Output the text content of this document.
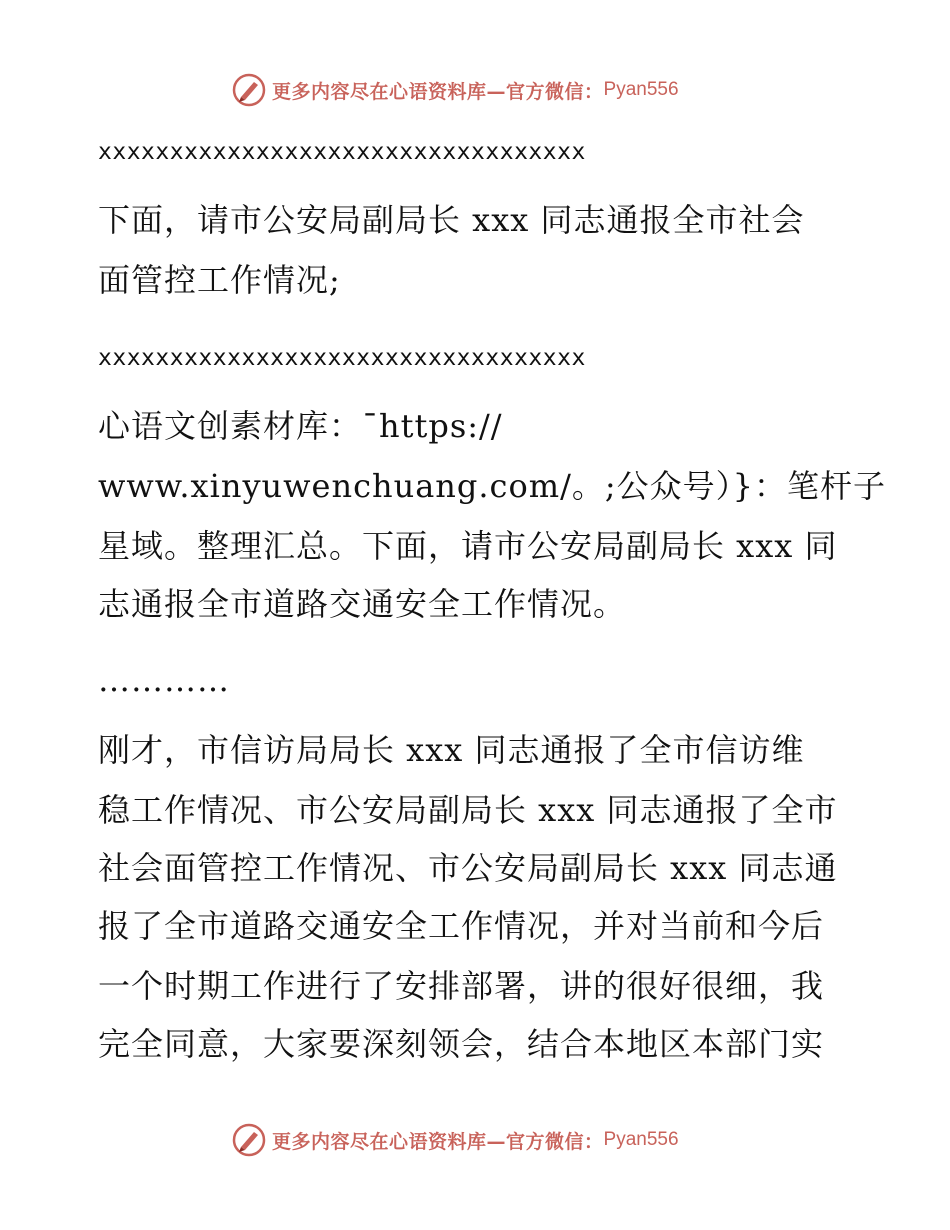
更多内容尽在心语资料库—官方微信： Pyan556
xxxxxxxxxxxxxxxxxxxxxxxxxxxxxxxxxx
下面，请市公安局副局长 xxx 同志通报全市社会
面管控工作情况;
xxxxxxxxxxxxxxxxxxxxxxxxxxxxxxxxxx
心语文创素材库：¯https://
www.xinyuwenchuang.com/。;公众号）}：笔杆子
星域。整理汇总。下面，请市公安局副局长 xxx 同
志通报全市道路交通安全工作情况。
…………
刚才，市信访局局长 xxx 同志通报了全市信访维
稳工作情况、市公安局副局长 xxx 同志通报了全市
社会面管控工作情况、市公安局副局长 xxx 同志通
报了全市道路交通安全工作情况，并对当前和今后
一个时期工作进行了安排部署，讲的很好很细，我
完全同意，大家要深刻领会，结合本地区本部门实
更多内容尽在心语资料库—官方微信： Pyan556
